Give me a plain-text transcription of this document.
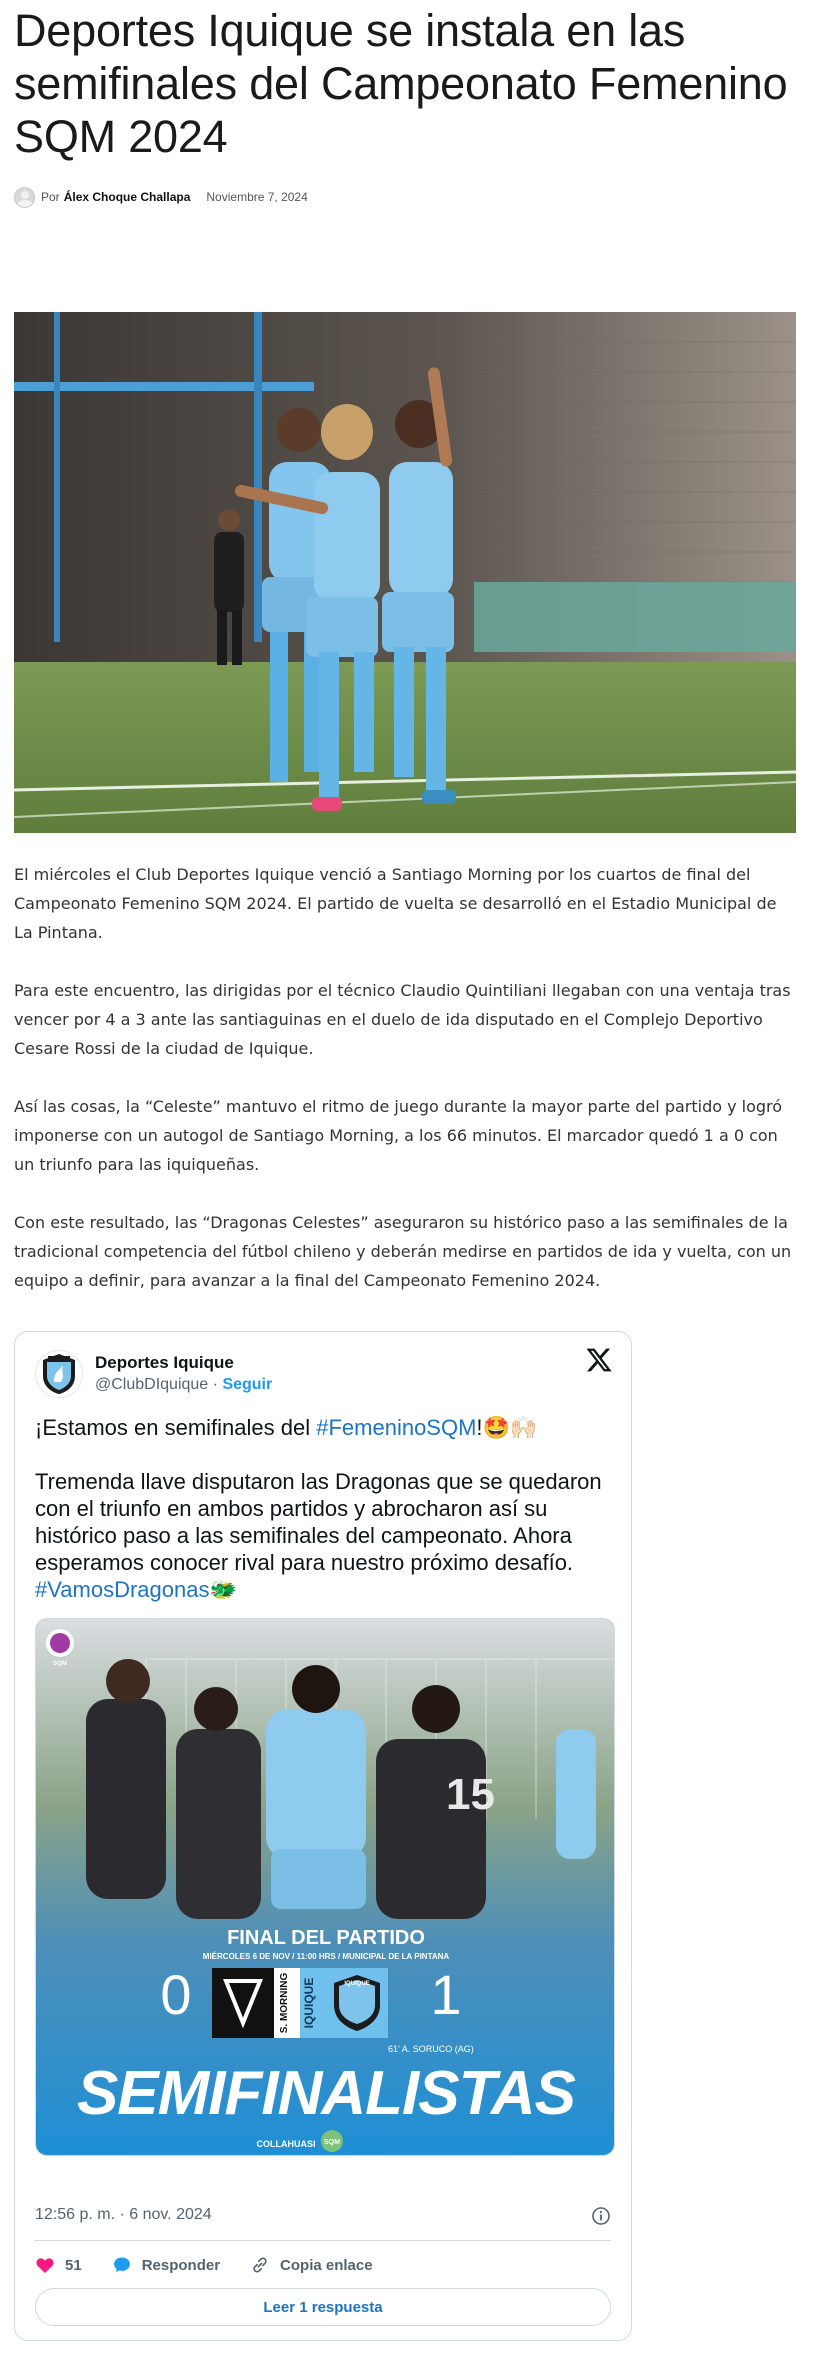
Deportes Iquique se instala en las semifinales del Campeonato Femenino SQM 2024
Por Álex Choque Challapa Noviembre 7, 2024

El miércoles el Club Deportes Iquique venció a Santiago Morning por los cuartos de final del Campeonato Femenino SQM 2024. El partido de vuelta se desarrolló en el Estadio Municipal de La Pintana.

Para este encuentro, las dirigidas por el técnico Claudio Quintiliani llegaban con una ventaja tras vencer por 4 a 3 ante las santiaguinas en el duelo de ida disputado en el Complejo Deportivo Cesare Rossi de la ciudad de Iquique.

Así las cosas, la “Celeste” mantuvo el ritmo de juego durante la mayor parte del partido y logró imponerse con un autogol de Santiago Morning, a los 66 minutos. El marcador quedó 1 a 0 con un triunfo para las iquiqueñas.

Con este resultado, las “Dragonas Celestes” aseguraron su histórico paso a las semifinales de la tradicional competencia del fútbol chileno y deberán medirse en partidos de ida y vuelta, con un equipo a definir, para avanzar a la final del Campeonato Femenino 2024.

Deportes Iquique
@ClubDIquique · Seguir

¡Estamos en semifinales del #FemeninoSQM!🤩🙌🏻

Tremenda llave disputaron las Dragonas que se quedaron con el triunfo en ambos partidos y abrocharon así su histórico paso a las semifinales del campeonato. Ahora esperamos conocer rival para nuestro próximo desafío. #VamosDragonas🐲

15
SQM
FINAL DEL PARTIDO
MIÉRCOLES 6 DE NOV / 11:00 HRS / MUNICIPAL DE LA PINTANA
0	S. MORNING IQUIQUE	IQUIQUE 1
61' A. SORUCO (AG)
SEMIFINALISTAS
COLLAHUASI SQM
12:56 p. m. · 6 nov. 2024
51	Responder	Copia enlace
Leer 1 respuesta
